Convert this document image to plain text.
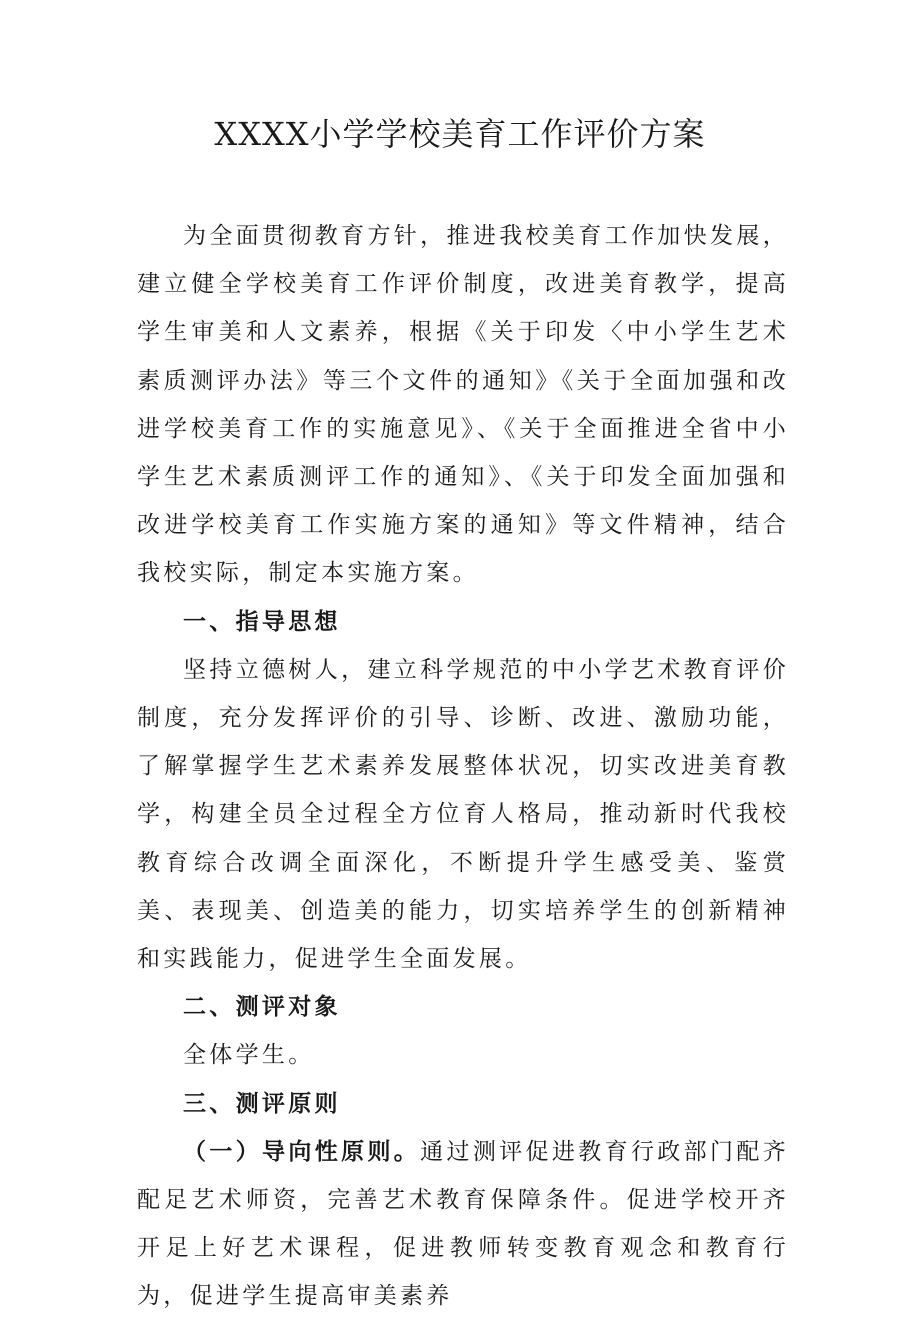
XXXX小学学校美育工作评价方案

为全面贯彻教育方针，推进我校美育工作加快发展，建立健全学校美育工作评价制度，改进美育教学，提高学生审美和人文素养，根据《关于印发〈中小学生艺术素质测评办法》等三个文件的通知》《关于全面加强和改进学校美育工作的实施意见》、《关于全面推进全省中小学生艺术素质测评工作的通知》、《关于印发全面加强和改进学校美育工作实施方案的通知》等文件精神，结合我校实际，制定本实施方案。

一、指导思想

坚持立德树人，建立科学规范的中小学艺术教育评价制度，充分发挥评价的引导、诊断、改进、激励功能，了解掌握学生艺术素养发展整体状况，切实改进美育教学，构建全员全过程全方位育人格局，推动新时代我校教育综合改调全面深化，不断提升学生感受美、鉴赏美、表现美、创造美的能力，切实培养学生的创新精神和实践能力，促进学生全面发展。

二、测评对象

全体学生。

三、测评原则

（一）导向性原则。通过测评促进教育行政部门配齐配足艺术师资，完善艺术教育保障条件。促进学校开齐开足上好艺术课程，促进教师转变教育观念和教育行为，促进学生提高审美素养
